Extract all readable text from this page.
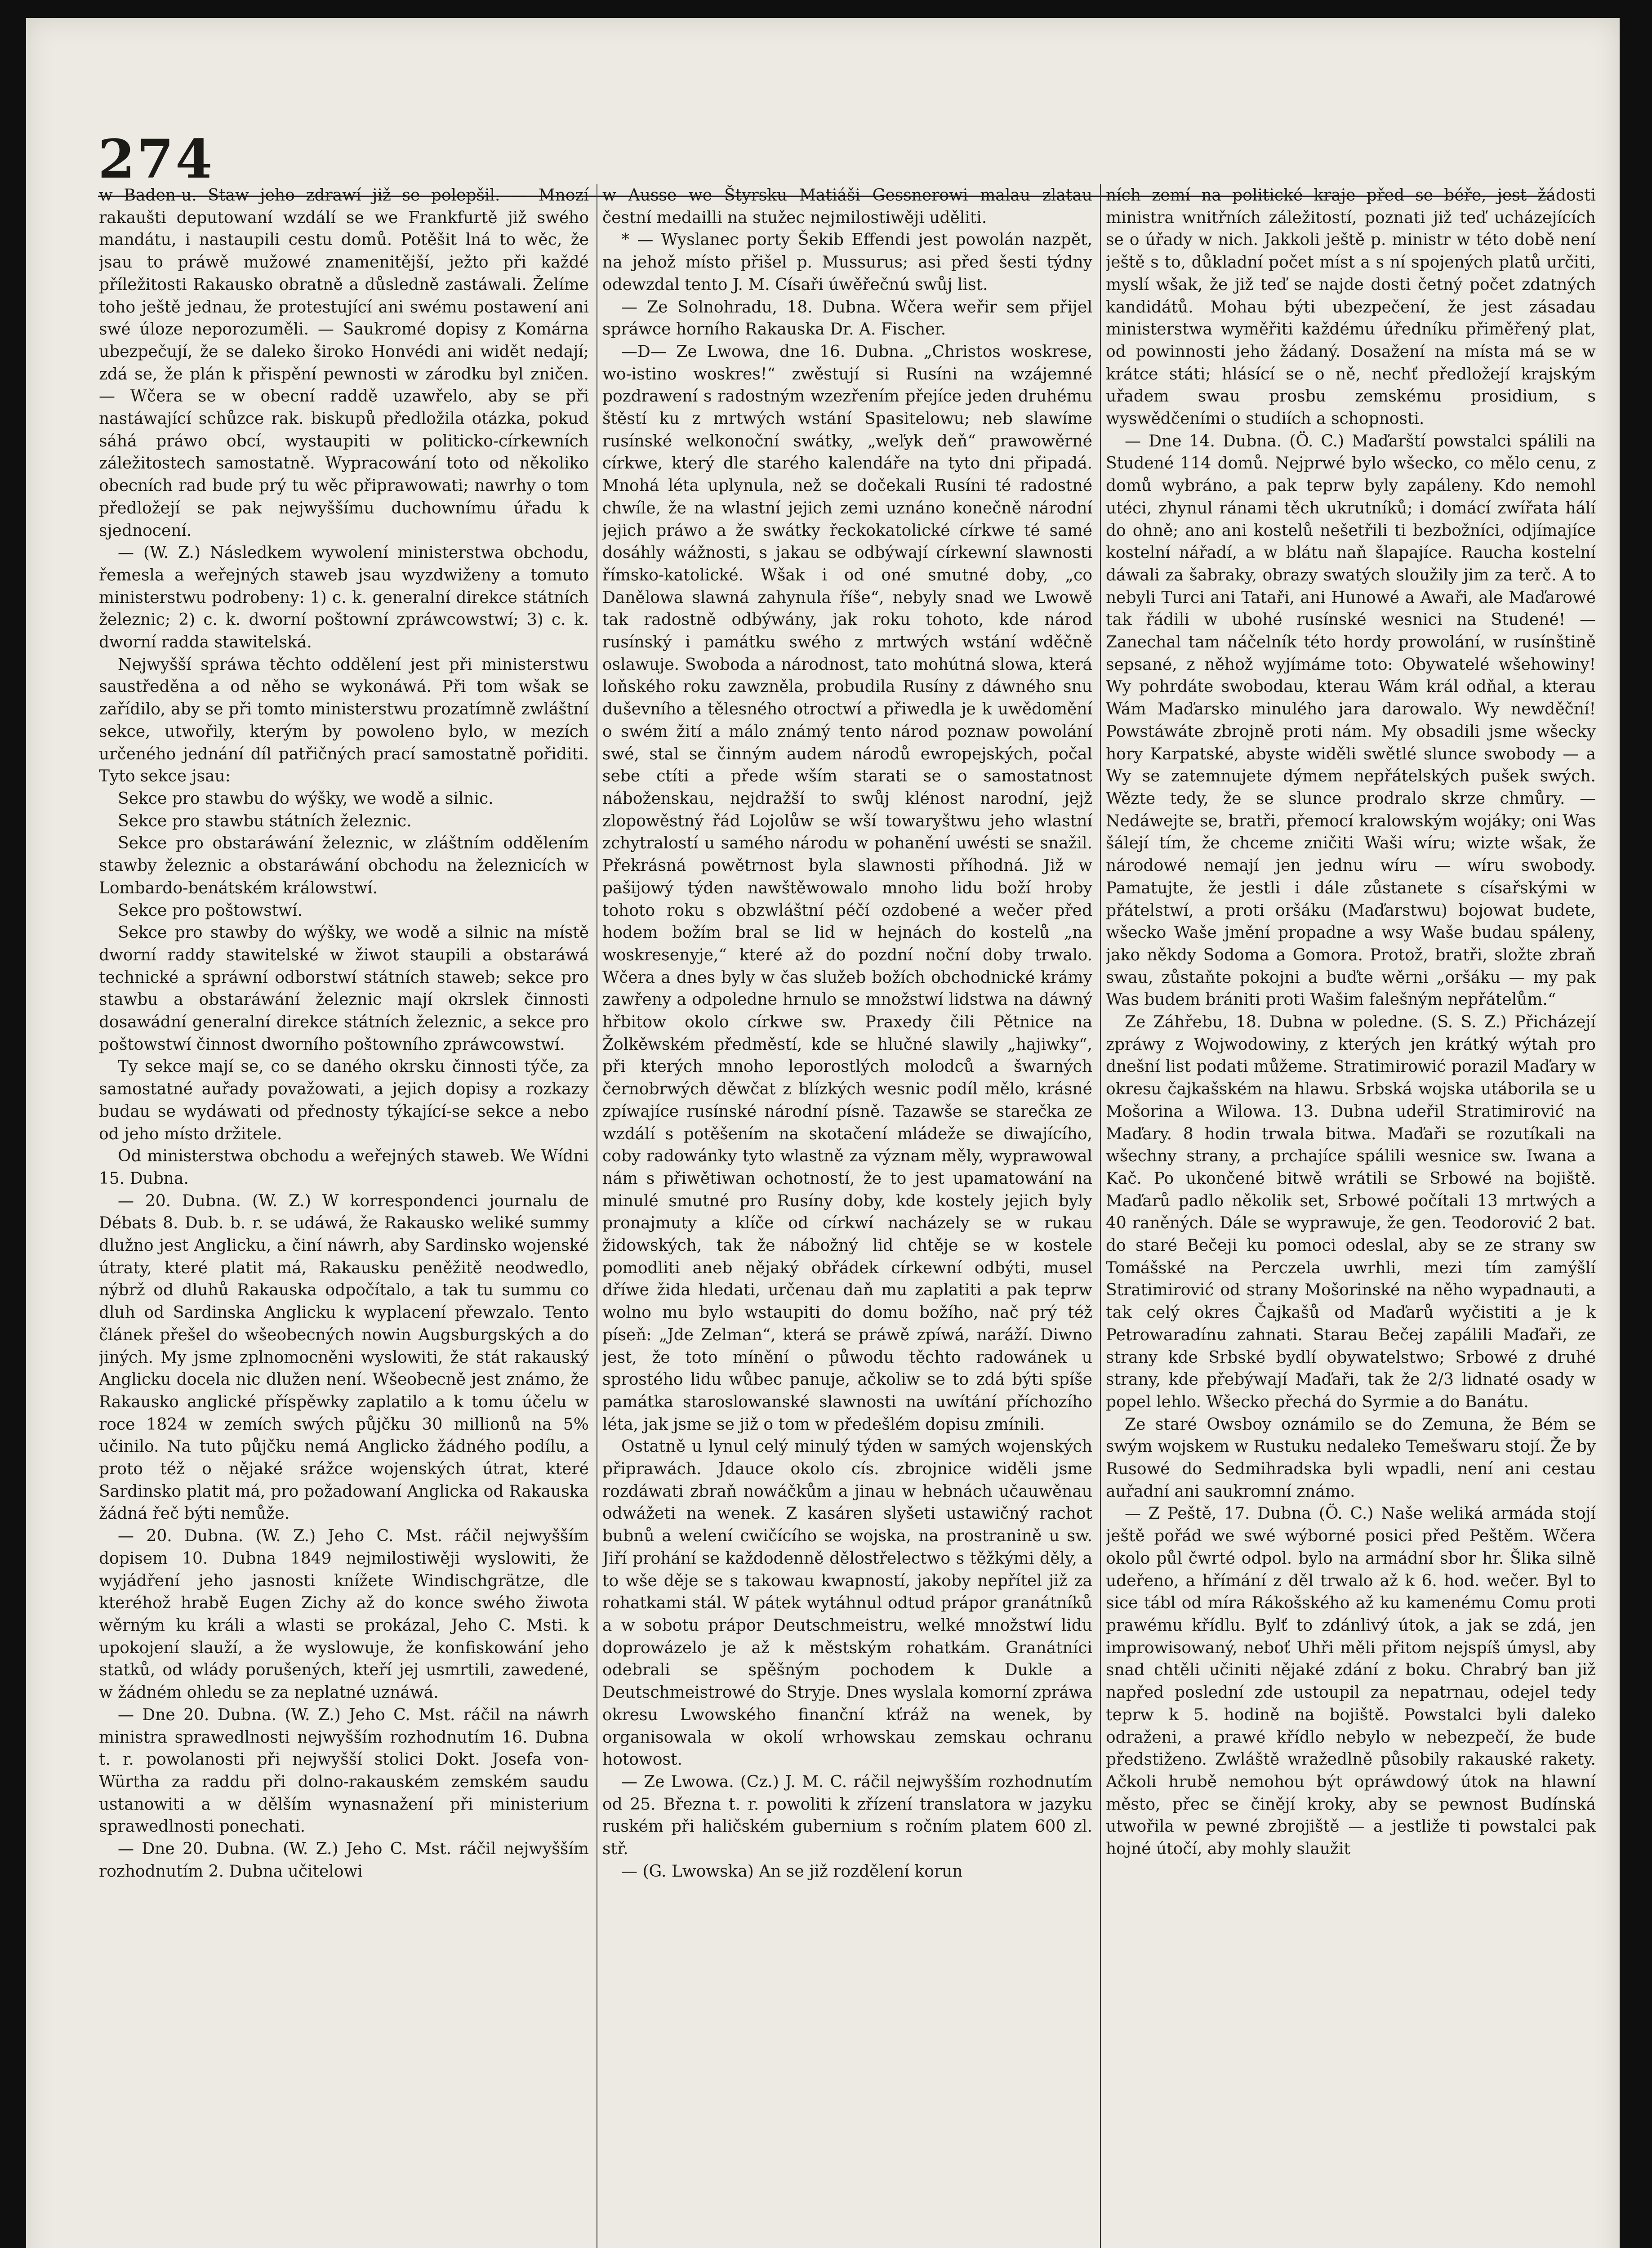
274

w Baden-u. Staw jeho zdrawí již se polepšil. — Mnozí rakaušti deputowaní wzdálí se we Frankfurtě již swého mandátu, i nastaupili cestu domů. Potěšit lná to wěc, že jsau to práwě mužowé znamenitější, ježto při každé příležitosti Rakausko obratně a důsledně zastáwali. Želíme toho ještě jednau, že protestující ani swému postawení ani swé úloze neporozuměli. — Saukromé dopisy z Komárna ubezpečují, že se daleko široko Honvédi ani widět nedají; zdá se, že plán k přispění pewnosti w zárodku byl zničen. — Wčera se w obecní raddě uzawřelo, aby se při nastáwající schůzce rak. biskupů předložila otázka, pokud sáhá práwo obcí, wystaupiti w politicko-církewních záležitostech samostatně. Wypracowání toto od několiko obecních rad bude prý tu wěc připrawowati; nawrhy o tom předložejí se pak nejwyššímu duchownímu úřadu k sjednocení.

— (W. Z.) Následkem wywolení ministerstwa obchodu, řemesla a weřejných staweb jsau wyzdwiženy a tomuto ministerstwu podrobeny: 1) c. k. generalní direkce státních železnic; 2) c. k. dworní poštowní zpráwcowstwí; 3) c. k. dworní radda stawitelská.

Nejwyšší spráwa těchto oddělení jest při ministerstwu saustředěna a od něho se wykonáwá. Při tom wšak se zařídilo, aby se při tomto ministerstwu prozatímně zwláštní sekce, utwořily, kterým by powoleno bylo, w mezích určeného jednání díl patřičných prací samostatně pořiditi. Tyto sekce jsau:

Sekce pro stawbu do wýšky, we wodě a silnic.

Sekce pro stawbu státních železnic.

Sekce pro obstaráwání železnic, w zláštním oddělením stawby železnic a obstaráwání obchodu na železnicích w Lombardo-benátském králowstwí.

Sekce pro poštowstwí.

Sekce pro stawby do wýšky, we wodě a silnic na místě dworní raddy stawitelské w žiwot staupili a obstaráwá technické a spráwní odborstwí státních staweb; sekce pro stawbu a obstaráwání železnic mají okrslek činnosti dosawádní generalní direkce státních železnic, a sekce pro poštowstwí činnost dworního poštowního zpráwcowstwí.

Ty sekce mají se, co se daného okrsku činnosti týče, za samostatné auřady považowati, a jejich dopisy a rozkazy budau se wydáwati od přednosty týkající-se sekce a nebo od jeho místo držitele.

Od ministerstwa obchodu a weřejných staweb. We Wídni 15. Dubna.

— 20. Dubna. (W. Z.) W korrespondenci journalu de Débats 8. Dub. b. r. se udáwá, že Rakausko weliké summy dlužno jest Anglicku, a činí náwrh, aby Sardinsko wojenské útraty, které platit má, Rakausku peněžitě neodwedlo, nýbrž od dluhů Rakauska odpočítalo, a tak tu summu co dluh od Sardinska Anglicku k wyplacení přewzalo. Tento článek přešel do wšeobecných nowin Augsburgských a do jiných. My jsme zplnomocněni wyslowiti, že stát rakauský Anglicku docela nic dlužen není. Wšeobecně jest známo, že Rakausko anglické příspěwky zaplatilo a k tomu účelu w roce 1824 w zemích swých půjčku 30 millionů na 5% učinilo. Na tuto půjčku nemá Anglicko žádného podílu, a proto též o nějaké srážce wojenských útrat, které Sardinsko platit má, pro požadowaní Anglicka od Rakauska žádná řeč býti nemůže.

— 20. Dubna. (W. Z.) Jeho C. Mst. ráčil nejwyšším dopisem 10. Dubna 1849 nejmilostiwěji wyslowiti, že wyjádření jeho jasnosti knížete Windischgrätze, dle kteréhož hrabě Eugen Zichy až do konce swého žiwota wěrným ku králi a wlasti se prokázal, Jeho C. Msti. k upokojení slauží, a že wyslowuje, že konfiskowání jeho statků, od wlády porušených, kteří jej usmrtili, zawedené, w žádném ohledu se za neplatné uznáwá.

— Dne 20. Dubna. (W. Z.) Jeho C. Mst. ráčil na náwrh ministra sprawedlnosti nejwyšším rozhodnutím 16. Dubna t. r. powolanosti při nejwyšší stolici Dokt. Josefa von-Würtha za raddu při dolno-rakauském zemském saudu ustanowiti a w dělším wynasnažení při ministerium sprawedlnosti ponechati.

— Dne 20. Dubna. (W. Z.) Jeho C. Mst. ráčil nejwyšším rozhodnutím 2. Dubna učitelowi

w Ausse we Štyrsku Matiáši Gessnerowi malau zlatau čestní medailli na stužec nejmilostiwěji uděliti.

* — Wyslanec porty Šekib Effendi jest powolán nazpět, na jehož místo přišel p. Mussurus; asi před šesti týdny odewzdal tento J. M. Císaři úwěřečnú swůj list.

— Ze Solnohradu, 18. Dubna. Wčera weřir sem přijel spráwce horního Rakauska Dr. A. Fischer.

—D— Ze Lwowa, dne 16. Dubna. „Christos woskrese, wo-istino woskres!“ zwěstují si Rusíni na wzájemné pozdrawení s radostným wzezřením přejíce jeden druhému štěstí ku z mrtwých wstání Spasitelowu; neb slawíme rusínské welkonoční swátky, „weľyk deň“ prawowěrné církwe, který dle starého kalendáře na tyto dni připadá. Mnohá léta uplynula, než se dočekali Rusíni té radostné chwíle, že na wlastní jejich zemi uznáno konečně národní jejich práwo a že swátky řeckokatolické církwe té samé dosáhly wážnosti, s jakau se odbýwají církewní slawnosti římsko-katolické. Wšak i od oné smutné doby, „co Danělowa slawná zahynula říše“, nebyly snad we Lwowě tak radostně odbýwány, jak roku tohoto, kde národ rusínský i památku swého z mrtwých wstání wděčně oslawuje. Swoboda a národnost, tato mohútná slowa, která loňského roku zawzněla, probudila Rusíny z dáwného snu duševního a tělesného otroctwí a přiwedla je k uwědomění o swém žití a málo známý tento národ poznaw powolání swé, stal se činným audem národů ewropejských, počal sebe ctíti a přede wším starati se o samostatnost náboženskau, nejdražší to swůj klénost narodní, jejž zlopowěstný řád Lojolůw se wší towaryštwu jeho wlastní zchytralostí u samého národu w pohanění uwésti se snažil. Překrásná powětrnost byla slawnosti příhodná. Již w pašijowý týden nawštěwowalo mnoho lidu boží hroby tohoto roku s obzwláštní péčí ozdobené a wečer před hodem božím bral se lid w hejnách do kostelů „na woskresenyje,“ které až do pozdní noční doby trwalo. Wčera a dnes byly w čas služeb božích obchodnické krámy zawřeny a odpoledne hrnulo se množstwí lidstwa na dáwný hřbitow okolo církwe sw. Praxedy čili Pětnice na Žolkěwském předměstí, kde se hlučné slawily „hajiwky“, při kterých mnoho leporostlých molodců a šwarných černobrwých děwčat z blízkých wesnic podíl mělo, krásné zpíwajíce rusínské národní písně. Tazawše se starečka ze wzdálí s potěšením na skotačení mládeže se diwajícího, coby radowánky tyto wlastně za význam měly, wyprawowal nám s přiwětiwan ochotností, že to jest upamatowání na minulé smutné pro Rusíny doby, kde kostely jejich byly pronajmuty a klíče od církwí nacházely se w rukau židowských, tak že nábožný lid chtěje se w kostele pomodliti aneb nějaký obřádek církewní odbýti, musel dříwe žida hledati, určenau daň mu zaplatiti a pak teprw wolno mu bylo wstaupiti do domu božího, nač prý též píseň: „Jde Zelman“, která se práwě zpíwá, naráží. Diwno jest, že toto mínění o půwodu těchto radowánek u sprostého lidu wůbec panuje, ačkoliw se to zdá býti spíše památka staroslowanské slawnosti na uwítání příchozího léta, jak jsme se již o tom w předešlém dopisu zmínili.

Ostatně u lynul celý minulý týden w samých wojenských připrawách. Jdauce okolo cís. zbrojnice widěli jsme rozdáwati zbraň nowáčkům a jinau w hebnách učauwěnau odwážeti na wenek. Z kasáren slyšeti ustawičný rachot bubnů a welení cwičícího se wojska, na prostranině u sw. Jiří prohání se každodenně dělostřelectwo s těžkými děly, a to wše děje se s takowau kwapností, jakoby nepřítel již za rohatkami stál. W pátek wytáhnul odtud prápor granátníků a w sobotu prápor Deutschmeistru, welké množstwí lidu doprowázelo je až k městským rohatkám. Granátníci odebrali se spěšným pochodem k Dukle a Deutschmeistrowé do Stryje. Dnes wyslala komorní zpráwa okresu Lwowského finanční kťráž na wenek, by organisowala w okolí wrhowskau zemskau ochranu hotowost.

— Ze Lwowa. (Cz.) J. M. C. ráčil nejwyšším rozhodnutím od 25. Března t. r. powoliti k zřízení translatora w jazyku ruském při haličském gubernium s ročním platem 600 zl. stř.

— (G. Lwowska) An se již rozdělení korun

ních zemí na politické kraje před se béře, jest žádosti ministra wnitřních záležitostí, poznati již teď ucházejících se o úřady w nich. Jakkoli ještě p. ministr w této době není ještě s to, důkladní počet míst a s ní spojených platů určiti, myslí wšak, že již teď se najde dosti četný počet zdatných kandidátů. Mohau býti ubezpečení, že jest zásadau ministerstwa wyměřiti každému úředníku přiměřený plat, od powinnosti jeho žádaný. Dosažení na místa má se w krátce státi; hlásící se o ně, nechť předložejí krajským uřadem swau prosbu zemskému prosidium, s wyswědčeními o studiích a schopnosti.

— Dne 14. Dubna. (Ö. C.) Maďarští powstalci spálili na Studené 114 domů. Nejprwé bylo wšecko, co mělo cenu, z domů wybráno, a pak teprw byly zapáleny. Kdo nemohl utéci, zhynul ránami těch ukrutníků; i domácí zwířata hálí do ohně; ano ani kostelů nešetřili ti bezbožníci, odjímajíce kostelní nářadí, a w blátu naň šlapajíce. Raucha kostelní dáwali za šabraky, obrazy swatých sloužily jim za terč. A to nebyli Turci ani Tataři, ani Hunowé a Awaři, ale Maďarowé tak řádili w ubohé rusínské wesnici na Studené! — Zanechal tam náčelník této hordy prowolání, w rusínštině sepsané, z něhož wyjímáme toto: Obywatelé wšehowiny! Wy pohrdáte swobodau, kterau Wám král odňal, a kterau Wám Maďarsko minulého jara darowalo. Wy newděční! Powstáwáte zbrojně proti nám. My obsadili jsme wšecky hory Karpatské, abyste widěli swětlé slunce swobody — a Wy se zatemnujete dýmem nepřátelských pušek swých. Wězte tedy, že se slunce prodralo skrze chmůry. — Nedáwejte se, bratři, přemocí kralowským wojáky; oni Was šálejí tím, že chceme zničiti Waši wíru; wizte wšak, že národowé nemají jen jednu wíru — wíru swobody. Pamatujte, že jestli i dále zůstanete s císařskými w přátelstwí, a proti oršáku (Maďarstwu) bojowat budete, wšecko Waše jmění propadne a wsy Waše budau spáleny, jako někdy Sodoma a Gomora. Protož, bratři, složte zbraň swau, zůstaňte pokojni a buďte wěrni „oršáku — my pak Was budem brániti proti Wašim falešným nepřátelům.“

Ze Záhřebu, 18. Dubna w poledne. (S. S. Z.) Přicházejí zpráwy z Wojwodowiny, z kterých jen krátký wýtah pro dnešní list podati můžeme. Stratimirowić porazil Maďary w okresu čajkašském na hlawu. Srbská wojska utáborila se u Mošorina a Wilowa. 13. Dubna udeřil Stratimirović na Maďary. 8 hodin trwala bitwa. Maďaři se rozutíkali na wšechny strany, a prchajíce spálili wesnice sw. Iwana a Kač. Po ukončené bitwě wrátili se Srbowé na bojiště. Maďarů padlo několik set, Srbowé počítali 13 mrtwých a 40 raněných. Dále se wyprawuje, že gen. Teodorović 2 bat. do staré Bečeji ku pomoci odeslal, aby se ze strany sw Tomášské na Perczela uwrhli, mezi tím zamýšlí Stratimirović od strany Mošorinské na něho wypadnauti, a tak celý okres Čajkašů od Maďarů wyčistiti a je k Petrowaradínu zahnati. Starau Bečej zapálili Maďaři, ze strany kde Srbské bydlí obywatelstwo; Srbowé z druhé strany, kde přebýwají Maďaři, tak že 2/3 lidnaté osady w popel lehlo. Wšecko přechá do Syrmie a do Banátu.

Ze staré Owsboy oznámilo se do Zemuna, že Bém se swým wojskem w Rustuku nedaleko Temešwaru stojí. Že by Rusowé do Sedmihradska byli wpadli, není ani cestau auřadní ani saukromní známo.

— Z Peště, 17. Dubna (Ö. C.) Naše weliká armáda stojí ještě pořád we swé wýborné posici před Peštěm. Wčera okolo půl čwrté odpol. bylo na armádní sbor hr. Šlika silně udeřeno, a hřímání z děl trwalo až k 6. hod. wečer. Byl to sice tábl od míra Rákošského až ku kamenému Comu proti prawému křídlu. Bylť to zdánlivý útok, a jak se zdá, jen improwisowaný, neboť Uhři měli přitom nejspíš úmysl, aby snad chtěli učiniti nějaké zdání z boku. Chrabrý ban již napřed poslední zde ustoupil za nepatrnau, odejel tedy teprw k 5. hodině na bojiště. Powstalci byli daleko odraženi, a prawé křídlo nebylo w nebezpečí, že bude předstiženo. Zwláště wražedlně působily rakauské rakety. Ačkoli hrubě nemohou být opráwdowý útok na hlawní město, přec se činějí kroky, aby se pewnost Budínská utwořila w pewné zbrojiště — a jestliže ti powstalci pak hojné útočí, aby mohly slaužit
